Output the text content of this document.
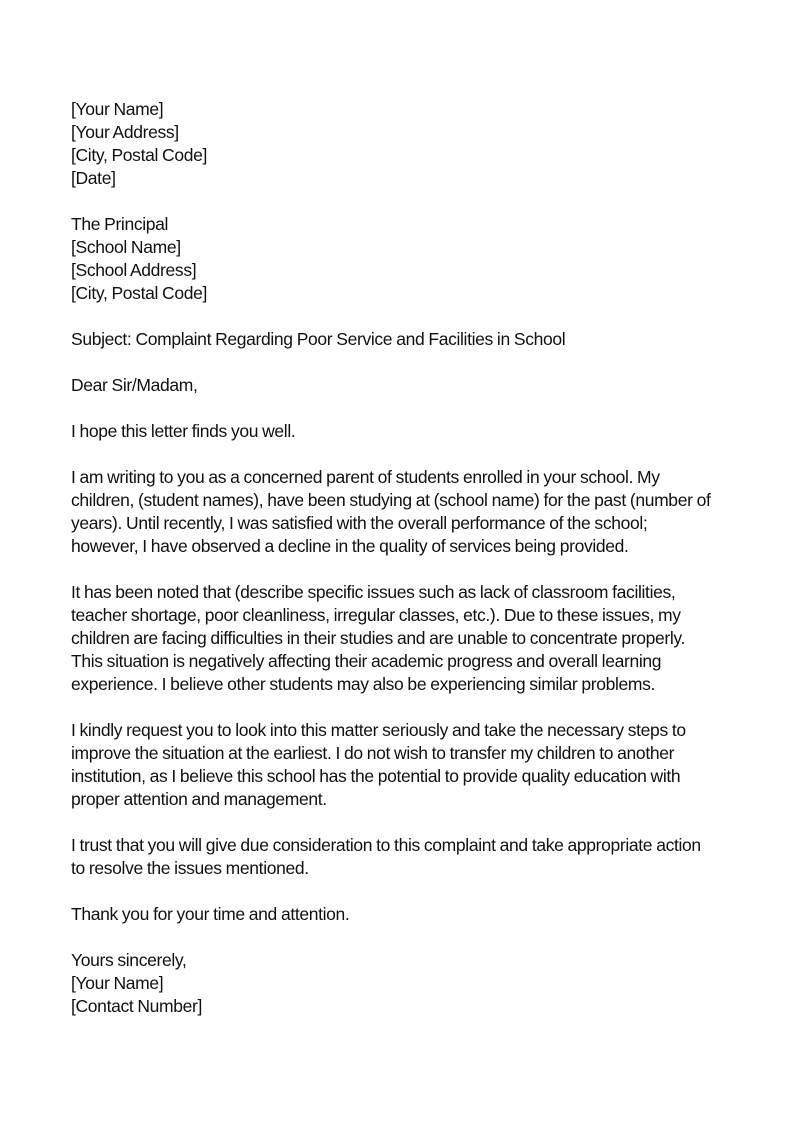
[Your Name]
[Your Address]
[City, Postal Code]
[Date]
The Principal
[School Name]
[School Address]
[City, Postal Code]

Subject: Complaint Regarding Poor Service and Facilities in School

Dear Sir/Madam,

I hope this letter finds you well.

I am writing to you as a concerned parent of students enrolled in your school. My
children, (student names), have been studying at (school name) for the past (number of
years). Until recently, I was satisfied with the overall performance of the school;
however, I have observed a decline in the quality of services being provided.

It has been noted that (describe specific issues such as lack of classroom facilities,
teacher shortage, poor cleanliness, irregular classes, etc.). Due to these issues, my
children are facing difficulties in their studies and are unable to concentrate properly.
This situation is negatively affecting their academic progress and overall learning
experience. I believe other students may also be experiencing similar problems.

I kindly request you to look into this matter seriously and take the necessary steps to
improve the situation at the earliest. I do not wish to transfer my children to another
institution, as I believe this school has the potential to provide quality education with
proper attention and management.

I trust that you will give due consideration to this complaint and take appropriate action
to resolve the issues mentioned.

Thank you for your time and attention.

Yours sincerely,
[Your Name]
[Contact Number]
